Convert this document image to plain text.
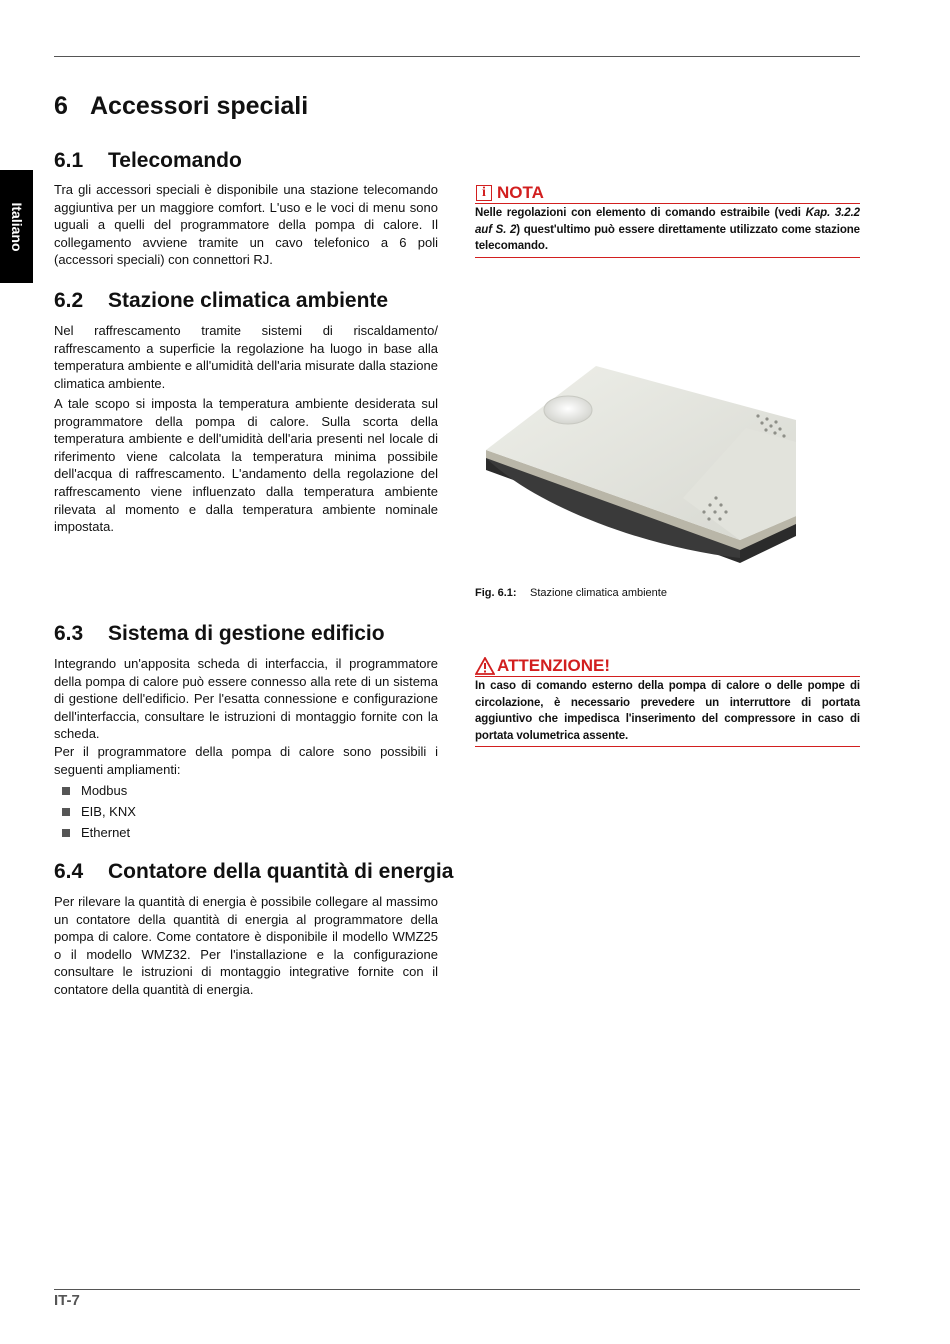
Italiano
6 Accessori speciali
6.1 Telecomando

Tra gli accessori speciali è disponibile una stazione telecomando aggiuntiva per un maggiore comfort. L'uso e le voci di menu sono uguali a quelli del programmatore della pompa di calore. Il collegamento avviene tramite un cavo telefonico a 6 poli (accessori speciali) con connettori RJ.

6.2 Stazione climatica ambiente

Nel raffrescamento tramite sistemi di riscaldamento/ raffrescamento a superficie la regolazione ha luogo in base alla temperatura ambiente e all'umidità dell'aria misurate dalla stazione climatica ambiente.

A tale scopo si imposta la temperatura ambiente desiderata sul programmatore della pompa di calore. Sulla scorta della temperatura ambiente e dell'umidità dell'aria presenti nel locale di riferimento viene calcolata la temperatura minima possibile dell'acqua di raffrescamento. L'andamento della regolazione del raffrescamento viene influenzato dalla temperatura ambiente rilevata al momento e dalla temperatura ambiente nominale impostata.

6.3 Sistema di gestione edificio

Integrando un'apposita scheda di interfaccia, il programmatore della pompa di calore può essere connesso alla rete di un sistema di gestione dell'edificio. Per l'esatta connessione e configurazione dell'interfaccia, consultare le istruzioni di montaggio fornite con la scheda.

Per il programmatore della pompa di calore sono possibili i seguenti ampliamenti:

Modbus
EIB, KNX
Ethernet
6.4 Contatore della quantità di energia

Per rilevare la quantità di energia è possibile collegare al massimo un contatore della quantità di energia al programmatore della pompa di calore. Come contatore è disponibile il modello WMZ25 o il modello WMZ32. Per l'installazione e la configurazione consultare le istruzioni di montaggio integrative fornite con il contatore della quantità di energia.

i NOTA
Nelle regolazioni con elemento di comando estraibile (vedi Kap. 3.2.2 auf S. 2) quest'ultimo può essere direttamente utilizzato come stazione telecomando.
Fig. 6.1: Stazione climatica ambiente
ATTENZIONE!
In caso di comando esterno della pompa di calore o delle pompe di circolazione, è necessario prevedere un interruttore di portata aggiuntivo che impedisca l'inserimento del compressore in caso di portata volumetrica assente.
IT-7
